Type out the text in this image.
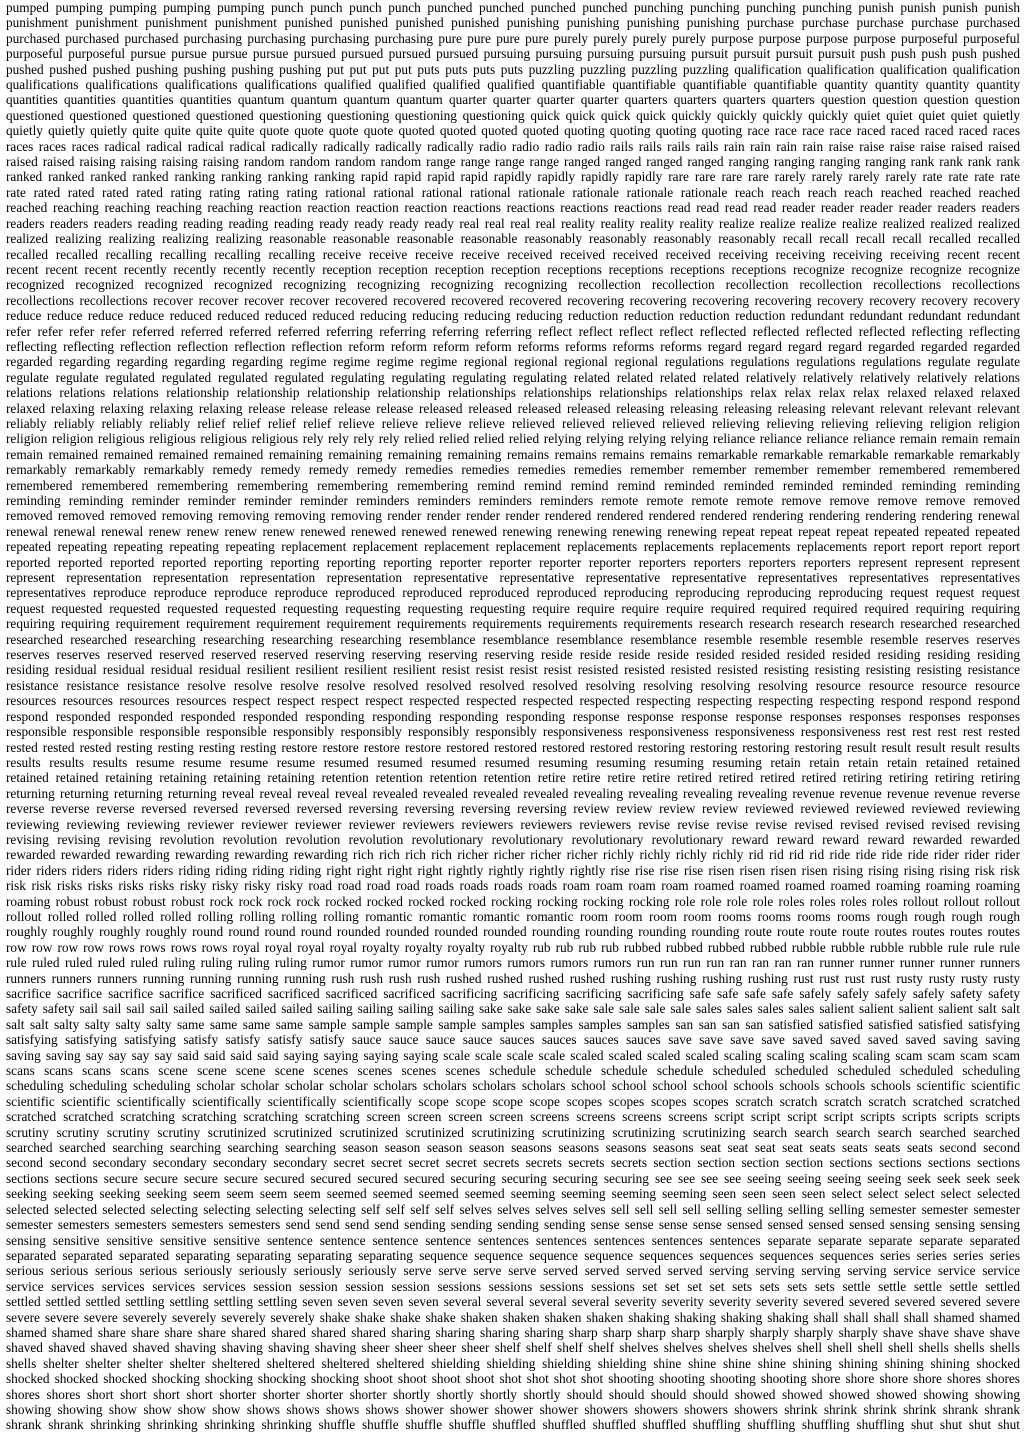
pumped pumping pumping pumping pumping punch punch punch punch punched punched punched punched punching punching punching punching punish punish punish punish
punishment punishment punishment punishment punished punished punished punished punishing punishing punishing punishing purchase purchase purchase purchase purchased
purchased purchased purchased purchasing purchasing purchasing purchasing pure pure pure pure purely purely purely purely purpose purpose purpose purpose purposeful purposeful
purposeful purposeful pursue pursue pursue pursue pursued pursued pursued pursued pursuing pursuing pursuing pursuing pursuit pursuit pursuit pursuit push push push push pushed
pushed pushed pushed pushing pushing pushing pushing put put put put puts puts puts puts puzzling puzzling puzzling puzzling qualification qualification qualification qualification
qualifications qualifications qualifications qualifications qualified qualified qualified qualified quantifiable quantifiable quantifiable quantifiable quantity quantity quantity quantity
quantities quantities quantities quantities quantum quantum quantum quantum quarter quarter quarter quarter quarters quarters quarters quarters question question question question
questioned questioned questioned questioned questioning questioning questioning questioning quick quick quick quick quickly quickly quickly quickly quiet quiet quiet quiet quietly
quietly quietly quietly quite quite quite quite quote quote quote quote quoted quoted quoted quoted quoting quoting quoting quoting race race race race raced raced raced raced races
races races races radical radical radical radical radically radically radically radically radio radio radio radio rails rails rails rails rain rain rain rain raise raise raise raise raised raised
raised raised raising raising raising raising random random random random range range range range ranged ranged ranged ranged ranging ranging ranging ranging rank rank rank rank
ranked ranked ranked ranked ranking ranking ranking ranking rapid rapid rapid rapid rapidly rapidly rapidly rapidly rare rare rare rare rarely rarely rarely rarely rate rate rate rate
rate rated rated rated rated rating rating rating rating rational rational rational rational rationale rationale rationale rationale reach reach reach reach reached reached reached
reached reaching reaching reaching reaching reaction reaction reaction reaction reactions reactions reactions reactions read read read read reader reader reader reader readers readers
readers readers readers reading reading reading reading ready ready ready ready real real real real reality reality reality reality realize realize realize realize realized realized realized
realized realizing realizing realizing realizing reasonable reasonable reasonable reasonable reasonably reasonably reasonably reasonably recall recall recall recall recalled recalled
recalled recalled recalling recalling recalling recalling receive receive receive receive received received received received receiving receiving receiving receiving recent recent
recent recent recent recently recently recently recently reception reception reception reception receptions receptions receptions receptions recognize recognize recognize recognize
recognized recognized recognized recognized recognizing recognizing recognizing recognizing recollection recollection recollection recollection recollections recollections
recollections recollections recover recover recover recover recovered recovered recovered recovered recovering recovering recovering recovering recovery recovery recovery recovery
reduce reduce reduce reduce reduced reduced reduced reduced reducing reducing reducing reducing reduction reduction reduction reduction redundant redundant redundant redundant
refer refer refer refer referred referred referred referred referring referring referring referring reflect reflect reflect reflect reflected reflected reflected reflected reflecting reflecting
reflecting reflecting reflection reflection reflection reflection reform reform reform reform reforms reforms reforms reforms regard regard regard regard regarded regarded regarded
regarded regarding regarding regarding regarding regime regime regime regime regional regional regional regional regulations regulations regulations regulations regulate regulate
regulate regulate regulated regulated regulated regulated regulating regulating regulating regulating related related related related relatively relatively relatively relatively relations
relations relations relations relationship relationship relationship relationship relationships relationships relationships relationships relax relax relax relax relaxed relaxed relaxed
relaxed relaxing relaxing relaxing relaxing release release release release released released released released releasing releasing releasing releasing relevant relevant relevant relevant
reliably reliably reliably reliably relief relief relief relief relieve relieve relieve relieve relieved relieved relieved relieved relieving relieving relieving relieving religion religion
religion religion religious religious religious religious rely rely rely rely relied relied relied relied relying relying relying relying reliance reliance reliance reliance remain remain remain
remain remained remained remained remained remaining remaining remaining remaining remains remains remains remains remarkable remarkable remarkable remarkable remarkably
remarkably remarkably remarkably remedy remedy remedy remedy remedies remedies remedies remedies remember remember remember remember remembered remembered
remembered remembered remembering remembering remembering remembering remind remind remind remind reminded reminded reminded reminded reminding reminding
reminding reminding reminder reminder reminder reminder reminders reminders reminders reminders remote remote remote remote remove remove remove remove removed
removed removed removed removing removing removing removing render render render render rendered rendered rendered rendered rendering rendering rendering rendering renewal
renewal renewal renewal renew renew renew renew renewed renewed renewed renewed renewing renewing renewing renewing repeat repeat repeat repeat repeated repeated repeated
repeated repeating repeating repeating repeating replacement replacement replacement replacement replacements replacements replacements replacements report report report report
reported reported reported reported reporting reporting reporting reporting reporter reporter reporter reporter reporters reporters reporters reporters represent represent represent
represent representation representation representation representation representative representative representative representative representatives representatives representatives
representatives reproduce reproduce reproduce reproduce reproduced reproduced reproduced reproduced reproducing reproducing reproducing reproducing request request request
request requested requested requested requested requesting requesting requesting requesting require require require require required required required required requiring requiring
requiring requiring requirement requirement requirement requirement requirements requirements requirements requirements research research research research researched researched
researched researched researching researching researching researching resemblance resemblance resemblance resemblance resemble resemble resemble resemble reserves reserves
reserves reserves reserved reserved reserved reserved reserving reserving reserving reserving reside reside reside reside resided resided resided resided residing residing residing
residing residual residual residual residual resilient resilient resilient resilient resist resist resist resist resisted resisted resisted resisted resisting resisting resisting resisting resistance
resistance resistance resistance resolve resolve resolve resolve resolved resolved resolved resolved resolving resolving resolving resolving resource resource resource resource
resources resources resources resources respect respect respect respect respected respected respected respected respecting respecting respecting respecting respond respond respond
respond responded responded responded responded responding responding responding responding response response response response responses responses responses responses
responsible responsible responsible responsible responsibly responsibly responsibly responsibly responsiveness responsiveness responsiveness responsiveness rest rest rest rest rested
rested rested rested resting resting resting resting restore restore restore restore restored restored restored restored restoring restoring restoring restoring result result result result results
results results results resume resume resume resume resumed resumed resumed resumed resuming resuming resuming resuming retain retain retain retain retained retained
retained retained retaining retaining retaining retaining retention retention retention retention retire retire retire retire retired retired retired retired retiring retiring retiring retiring
returning returning returning returning reveal reveal reveal reveal revealed revealed revealed revealed revealing revealing revealing revealing revenue revenue revenue revenue reverse
reverse reverse reverse reversed reversed reversed reversed reversing reversing reversing reversing review review review review reviewed reviewed reviewed reviewed reviewing
reviewing reviewing reviewing reviewer reviewer reviewer reviewer reviewers reviewers reviewers reviewers revise revise revise revise revised revised revised revised revising
revising revising revising revolution revolution revolution revolution revolutionary revolutionary revolutionary revolutionary reward reward reward reward rewarded rewarded
rewarded rewarded rewarding rewarding rewarding rewarding rich rich rich rich richer richer richer richer richly richly richly richly rid rid rid rid ride ride ride ride rider rider rider
rider riders riders riders riders riding riding riding riding right right right right rightly rightly rightly rightly rise rise rise rise risen risen risen risen rising rising rising rising risk risk
risk risk risks risks risks risks risky risky risky risky road road road road roads roads roads roads roam roam roam roam roamed roamed roamed roamed roaming roaming roaming
roaming robust robust robust robust rock rock rock rock rocked rocked rocked rocked rocking rocking rocking rocking role role role role roles roles roles roles rollout rollout rollout
rollout rolled rolled rolled rolled rolling rolling rolling rolling romantic romantic romantic romantic room room room room rooms rooms rooms rooms rough rough rough rough
roughly roughly roughly roughly round round round round rounded rounded rounded rounded rounding rounding rounding rounding route route route route routes routes routes routes
row row row row rows rows rows rows royal royal royal royal royalty royalty royalty royalty rub rub rub rub rubbed rubbed rubbed rubbed rubble rubble rubble rubble rule rule rule
rule ruled ruled ruled ruled ruling ruling ruling ruling rumor rumor rumor rumor rumors rumors rumors rumors run run run run ran ran ran ran runner runner runner runner runners
runners runners runners running running running running rush rush rush rush rushed rushed rushed rushed rushing rushing rushing rushing rust rust rust rust rusty rusty rusty rusty
sacrifice sacrifice sacrifice sacrifice sacrificed sacrificed sacrificed sacrificed sacrificing sacrificing sacrificing sacrificing safe safe safe safe safely safely safely safely safety safety
safety safety sail sail sail sail sailed sailed sailed sailed sailing sailing sailing sailing sake sake sake sake sale sale sale sale sales sales sales sales salient salient salient salient salt salt
salt salt salty salty salty salty same same same same sample sample sample sample samples samples samples samples san san san san satisfied satisfied satisfied satisfied satisfying
satisfying satisfying satisfying satisfy satisfy satisfy satisfy sauce sauce sauce sauce sauces sauces sauces sauces save save save save saved saved saved saved saving saving
saving saving say say say say said said said said saying saying saying saying scale scale scale scale scaled scaled scaled scaled scaling scaling scaling scaling scam scam scam scam
scans scans scans scans scene scene scene scene scenes scenes scenes scenes schedule schedule schedule schedule scheduled scheduled scheduled scheduled scheduling
scheduling scheduling scheduling scholar scholar scholar scholar scholars scholars scholars scholars school school school school schools schools schools schools scientific scientific
scientific scientific scientifically scientifically scientifically scientifically scope scope scope scope scopes scopes scopes scopes scratch scratch scratch scratch scratched scratched
scratched scratched scratching scratching scratching scratching screen screen screen screen screens screens screens screens script script script script scripts scripts scripts scripts
scrutiny scrutiny scrutiny scrutiny scrutinized scrutinized scrutinized scrutinized scrutinizing scrutinizing scrutinizing scrutinizing search search search search searched searched
searched searched searching searching searching searching season season season season seasons seasons seasons seasons seat seat seat seat seats seats seats seats second second
second second secondary secondary secondary secondary secret secret secret secret secrets secrets secrets secrets section section section section sections sections sections sections
sections sections secure secure secure secure secured secured secured secured securing securing securing securing see see see see seeing seeing seeing seeing seek seek seek seek
seeking seeking seeking seeking seem seem seem seem seemed seemed seemed seemed seeming seeming seeming seeming seen seen seen seen select select select select selected
selected selected selected selecting selecting selecting selecting self self self self selves selves selves selves sell sell sell sell selling selling selling selling semester semester semester
semester semesters semesters semesters semesters send send send send sending sending sending sending sense sense sense sense sensed sensed sensed sensed sensing sensing sensing
sensing sensitive sensitive sensitive sensitive sentence sentence sentence sentence sentences sentences sentences sentences sentences separate separate separate separate separated
separated separated separated separating separating separating separating sequence sequence sequence sequence sequences sequences sequences sequences series series series series
serious serious serious serious seriously seriously seriously seriously serve serve serve serve served served served served serving serving serving serving service service service
service services services services services session session session session sessions sessions sessions sessions set set set set sets sets sets sets settle settle settle settle settled
settled settled settled settling settling settling settling seven seven seven seven several several several several severity severity severity severity severed severed severed severed severe
severe severe severe severely severely severely severely shake shake shake shake shaken shaken shaken shaken shaking shaking shaking shaking shall shall shall shall shamed shamed
shamed shamed share share share share shared shared shared shared sharing sharing sharing sharing sharp sharp sharp sharp sharply sharply sharply sharply shave shave shave shave
shaved shaved shaved shaved shaving shaving shaving shaving sheer sheer sheer sheer shelf shelf shelf shelf shelves shelves shelves shelves shell shell shell shell shells shells shells
shells shelter shelter shelter shelter sheltered sheltered sheltered sheltered shielding shielding shielding shielding shine shine shine shine shining shining shining shining shocked
shocked shocked shocked shocking shocking shocking shocking shoot shoot shoot shoot shot shot shot shot shooting shooting shooting shooting shore shore shore shore shores shores
shores shores short short short short shorter shorter shorter shorter shortly shortly shortly shortly should should should should showed showed showed showed showing showing
showing showing show show show show shows shows shows shows shower shower shower shower showers showers showers showers shrink shrink shrink shrink shrank shrank
shrank shrank shrinking shrinking shrinking shrinking shuffle shuffle shuffle shuffle shuffled shuffled shuffled shuffled shuffling shuffling shuffling shuffling shut shut shut shut
